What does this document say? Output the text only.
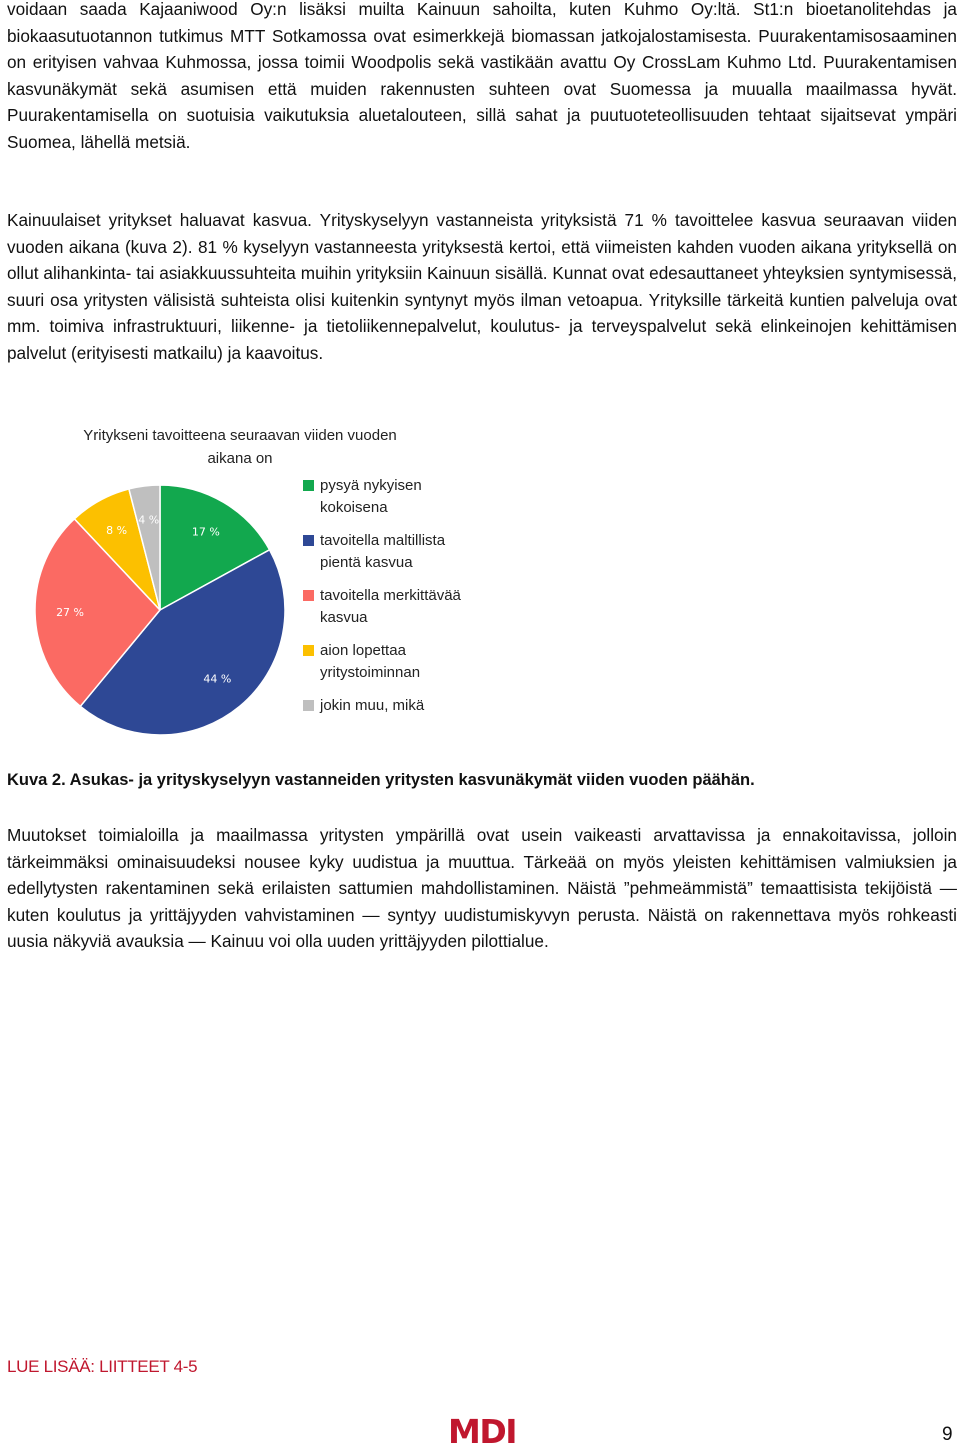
voidaan saada Kajaaniwood Oy:n lisäksi muilta Kainuun sahoilta, kuten Kuhmo Oy:ltä. St1:n bioetanolitehdas ja biokaasutuotannon tutkimus MTT Sotkamossa ovat esimerkkejä biomassan jatkojalostamisesta. Puurakentamisosaaminen on erityisen vahvaa Kuhmossa, jossa toimii Woodpolis sekä vastikään avattu Oy CrossLam Kuhmo Ltd. Puurakentamisen kasvunäkymät sekä asumisen että muiden rakennusten suhteen ovat Suomessa ja muualla maailmassa hyvät. Puurakentamisella on suotuisia vaikutuksia aluetalouteen, sillä sahat ja puutuoteteollisuuden tehtaat sijaitsevat ympäri Suomea, lähellä metsiä.

Kainuulaiset yritykset haluavat kasvua. Yrityskyselyyn vastanneista yrityksistä 71 % tavoittelee kasvua seuraavan viiden vuoden aikana (kuva 2). 81 % kyselyyn vastanneesta yrityksestä kertoi, että viimeisten kahden vuoden aikana yrityksellä on ollut alihankinta- tai asiakkuussuhteita muihin yrityksiin Kainuun sisällä. Kunnat ovat edesauttaneet yhteyksien syntymisessä, suuri osa yritysten välisistä suhteista olisi kuitenkin syntynyt myös ilman vetoapua. Yrityksille tärkeitä kuntien palveluja ovat mm. toimiva infrastruktuuri, liikenne- ja tietoliikennepalvelut, koulutus- ja terveyspalvelut sekä elinkeinojen kehittämisen palvelut (erityisesti matkailu) ja kaavoitus.

Yritykseni tavoitteena seuraavan viiden vuoden
aikana on
17 %
44 %
27 %
8 %
4 %
pysyä nykyisen kokoisena
tavoitella maltillista pientä kasvua
tavoitella merkittävää kasvua
aion lopettaa yritystoiminnan
jokin muu, mikä

Kuva 2. Asukas- ja yrityskyselyyn vastanneiden yritysten kasvunäkymät viiden vuoden päähän.

Muutokset toimialoilla ja maailmassa yritysten ympärillä ovat usein vaikeasti arvattavissa ja ennakoitavissa, jolloin tärkeimmäksi ominaisuudeksi nousee kyky uudistua ja muuttua. Tärkeää on myös yleisten kehittämisen valmiuksien ja edellytysten rakentaminen sekä erilaisten sattumien mahdollistaminen. Näistä ”pehmeämmistä” temaattisista tekijöistä — kuten koulutus ja yrittäjyyden vahvistaminen — syntyy uudistumiskyvyn perusta. Näistä on rakennettava myös rohkeasti uusia näkyviä avauksia — Kainuu voi olla uuden yrittäjyyden pilottialue.

LUE LISÄÄ: LIITTEET 4-5

MDI	9
